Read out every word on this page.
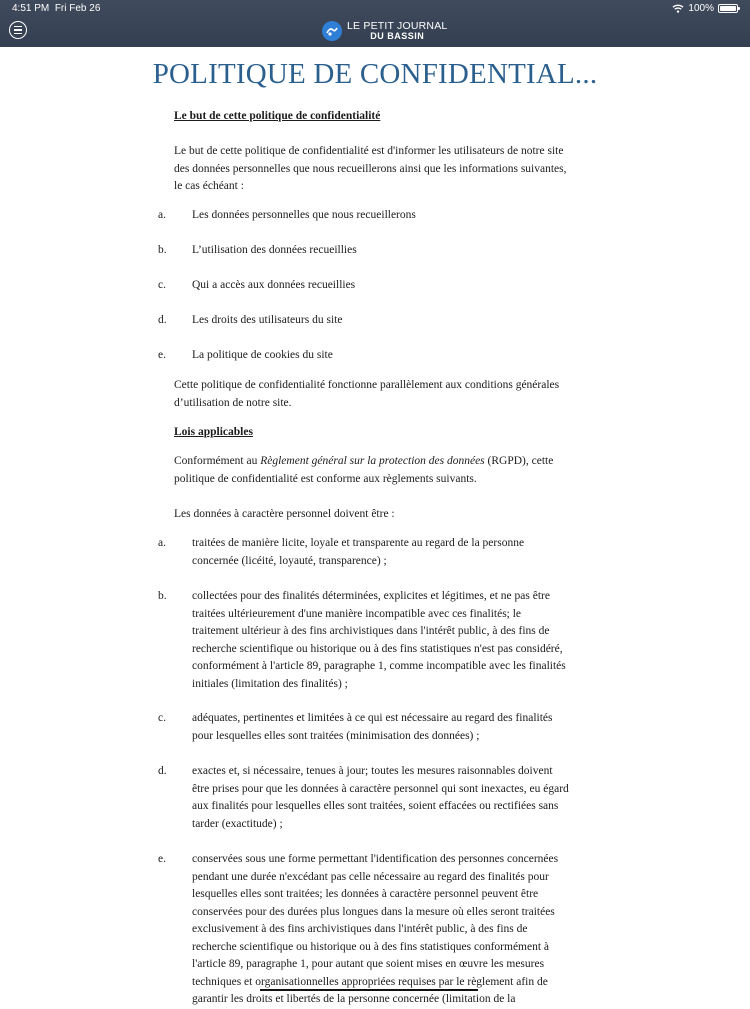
4:51 PM Fri Feb 26	100%
LE PETIT JOURNAL
DU BASSIN
POLITIQUE DE CONFIDENTIAL...
Le but de cette politique de confidentialité
Le but de cette politique de confidentialité est d'informer les utilisateurs de notre site
des données personnelles que nous recueillerons ainsi que les informations suivantes,
le cas échéant :
a. Les données personnelles que nous recueillerons
b. L’utilisation des données recueillies
c. Qui a accès aux données recueillies
d. Les droits des utilisateurs du site
e. La politique de cookies du site
Cette politique de confidentialité fonctionne parallèlement aux conditions générales
d’utilisation de notre site.
Lois applicables
Conformément au Règlement général sur la protection des données (RGPD), cette
politique de confidentialité est conforme aux règlements suivants.
Les données à caractère personnel doivent être :
a. traitées de manière licite, loyale et transparente au regard de la personne
concernée (licéité, loyauté, transparence) ;
b. collectées pour des finalités déterminées, explicites et légitimes, et ne pas être
traitées ultérieurement d'une manière incompatible avec ces finalités; le
traitement ultérieur à des fins archivistiques dans l'intérêt public, à des fins de
recherche scientifique ou historique ou à des fins statistiques n'est pas considéré,
conformément à l'article 89, paragraphe 1, comme incompatible avec les finalités
initiales (limitation des finalités) ;
c. adéquates, pertinentes et limitées à ce qui est nécessaire au regard des finalités
pour lesquelles elles sont traitées (minimisation des données) ;
d. exactes et, si nécessaire, tenues à jour; toutes les mesures raisonnables doivent
être prises pour que les données à caractère personnel qui sont inexactes, eu égard
aux finalités pour lesquelles elles sont traitées, soient effacées ou rectifiées sans
tarder (exactitude) ;
e. conservées sous une forme permettant l'identification des personnes concernées
pendant une durée n'excédant pas celle nécessaire au regard des finalités pour
lesquelles elles sont traitées; les données à caractère personnel peuvent être
conservées pour des durées plus longues dans la mesure où elles seront traitées
exclusivement à des fins archivistiques dans l'intérêt public, à des fins de
recherche scientifique ou historique ou à des fins statistiques conformément à
l'article 89, paragraphe 1, pour autant que soient mises en œuvre les mesures
techniques et organisationnelles appropriées requises par le règlement afin de
garantir les droits et libertés de la personne concernée (limitation de la
